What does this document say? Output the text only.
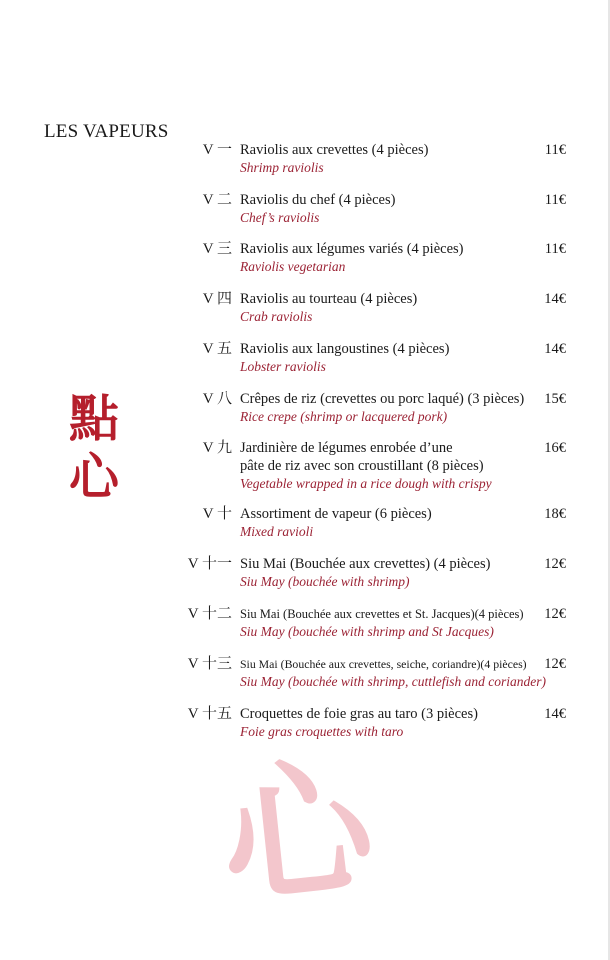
LES VAPEURS
點
心
心
V 一 Raviolis aux crevettes (4 pièces)
Shrimp raviolis
11€
V 二 Raviolis du chef (4 pièces)
Chef’s raviolis
11€
V 三 Raviolis aux légumes variés (4 pièces)
Raviolis vegetarian
11€
V 四 Raviolis au tourteau (4 pièces)
Crab raviolis
14€
V 五 Raviolis aux langoustines (4 pièces)
Lobster raviolis
14€
V 八 Crêpes de riz (crevettes ou porc laqué) (3 pièces)
Rice crepe (shrimp or lacquered pork)
15€
V 九 Jardinière de légumes enrobée d’une
pâte de riz avec son croustillant (8 pièces)
Vegetable wrapped in a rice dough with crispy
16€
V 十 Assortiment de vapeur (6 pièces)
Mixed ravioli
18€
V 十一 Siu Mai (Bouchée aux crevettes) (4 pièces)
Siu May (bouchée with shrimp)
12€
V 十二 Siu Mai (Bouchée aux crevettes et St. Jacques)(4 pièces)
Siu May (bouchée with shrimp and St Jacques)
12€
V 十三 Siu Mai (Bouchée aux crevettes, seiche, coriandre)(4 pièces)
Siu May (bouchée with shrimp, cuttlefish and coriander)
12€
V 十五 Croquettes de foie gras au taro (3 pièces)
Foie gras croquettes with taro
14€
